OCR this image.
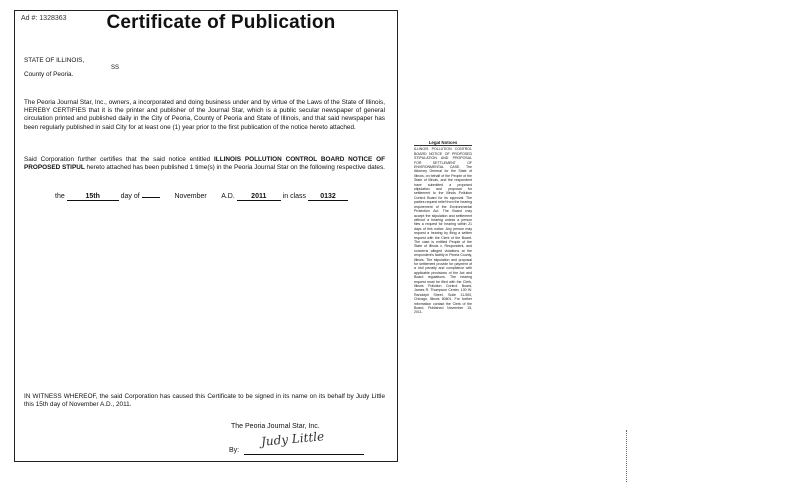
Ad #: 1328363	Certificate of Publication
STATE OF ILLINOIS,
SS
County of Peoria.
The Peoria Journal Star, Inc., owners, a incorporated and doing business under and by virtue of the Laws of the State of Illinois, HEREBY CERTIFIES that it is the printer and publisher of the Journal Star, which is a public secular newspaper of general circulation printed and published daily in the City of Peoria, County of Peoria and State of Illinois, and that said newspaper has been regularly published in said City for at least one (1) year prior to the first publication of the notice hereto attached.
Said Corporation further certifies that the said notice entitled ILLINOIS POLLUTION CONTROL BOARD NOTICE OF PROPOSED STIPUL hereto attached has been published 1 time(s) in the Peoria Journal Star on the following respective dates.
the	15th	day of	November A.D. 2011 in class 0132
IN WITNESS WHEREOF, the said Corporation has caused this Certificate to be signed in its name on its behalf by Judy Little this 15th day of November A.D., 2011.
The Peoria Journal Star, Inc.
Judy Little
By:
Legal Notices
ILLINOIS POLLUTION CONTROL BOARD NOTICE OF PROPOSED STIPULATION AND PROPOSAL FOR SETTLEMENT OF ENVIRONMENTAL CASE. The Attorney General for the State of Illinois, on behalf of the People of the State of Illinois, and the respondent have submitted a proposed stipulation and proposal for settlement to the Illinois Pollution Control Board for its approval. The parties request relief from the hearing requirement of the Environmental Protection Act. The Board may accept the stipulation and settlement without a hearing unless a person files a request for hearing within 21 days of this notice. Any person may request a hearing by filing a written request with the Clerk of the Board. The case is entitled People of the State of Illinois v. Respondent, and concerns alleged violations at the respondent's facility in Peoria County, Illinois. The stipulation and proposal for settlement provide for payment of a civil penalty and compliance with applicable provisions of the Act and Board regulations. The hearing request must be filed with the Clerk, Illinois Pollution Control Board, James R. Thompson Center, 100 W. Randolph Street, Suite 11-500, Chicago, Illinois 60601. For further information contact the Clerk of the Board. Published November 15, 2011.
